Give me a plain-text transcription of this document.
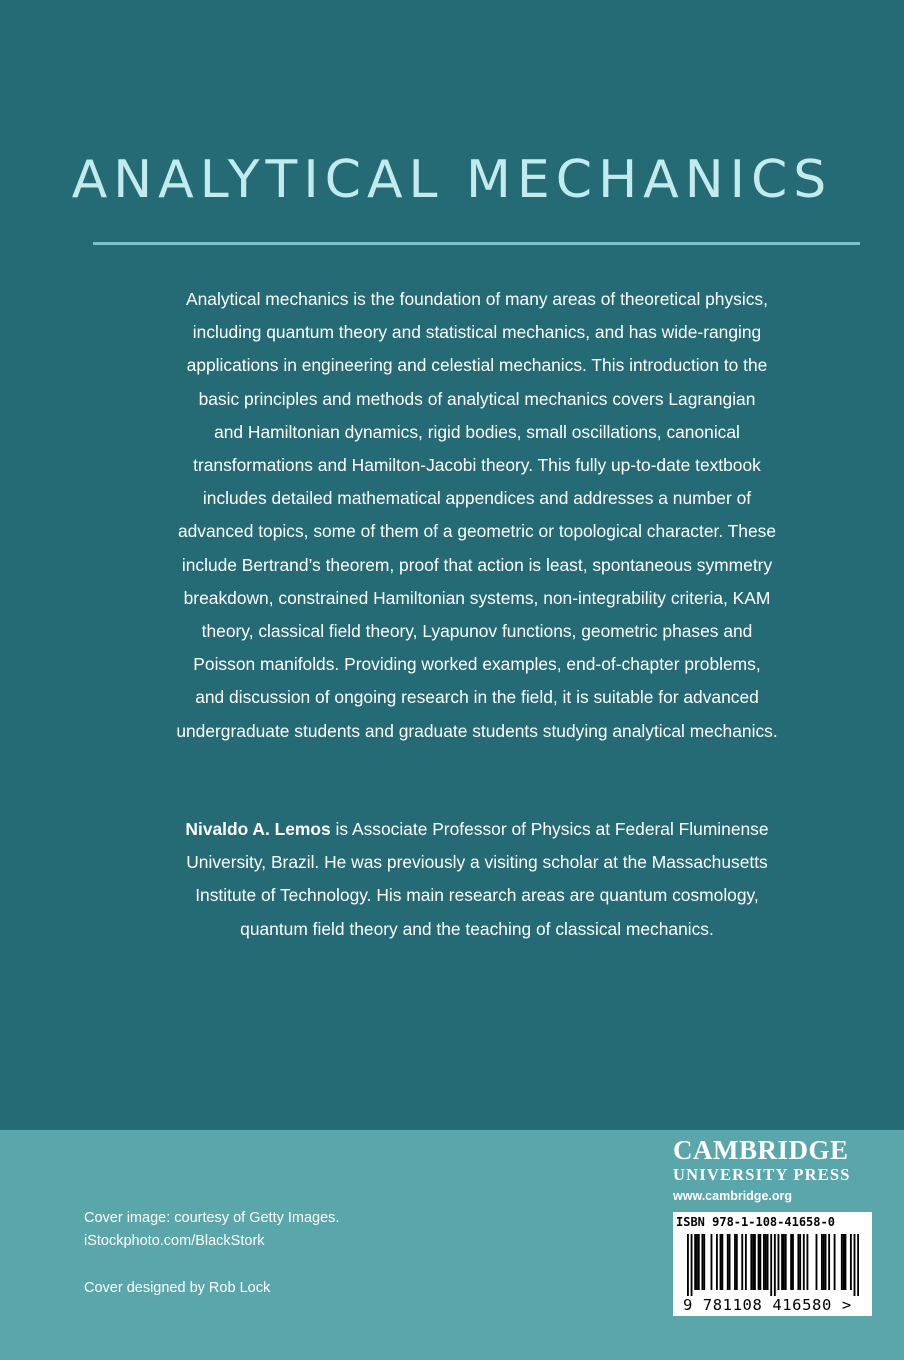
ANALYTICAL MECHANICS
Analytical mechanics is the foundation of many areas of theoretical physics,
including quantum theory and statistical mechanics, and has wide-ranging
applications in engineering and celestial mechanics. This introduction to the
basic principles and methods of analytical mechanics covers Lagrangian
and Hamiltonian dynamics, rigid bodies, small oscillations, canonical
transformations and Hamilton-Jacobi theory. This fully up-to-date textbook
includes detailed mathematical appendices and addresses a number of
advanced topics, some of them of a geometric or topological character. These
include Bertrand’s theorem, proof that action is least, spontaneous symmetry
breakdown, constrained Hamiltonian systems, non-integrability criteria, KAM
theory, classical field theory, Lyapunov functions, geometric phases and
Poisson manifolds. Providing worked examples, end-of-chapter problems,
and discussion of ongoing research in the field, it is suitable for advanced
undergraduate students and graduate students studying analytical mechanics.
Nivaldo A. Lemos is Associate Professor of Physics at Federal Fluminense
University, Brazil. He was previously a visiting scholar at the Massachusetts
Institute of Technology. His main research areas are quantum cosmology,
quantum field theory and the teaching of classical mechanics.
Cover image: courtesy of Getty Images.
iStockphoto.com/BlackStork
Cover designed by Rob Lock
CAMBRIDGE
UNIVERSITY PRESS
www.cambridge.org
ISBN 978-1-108-41658-0
9 781108 416580 >
